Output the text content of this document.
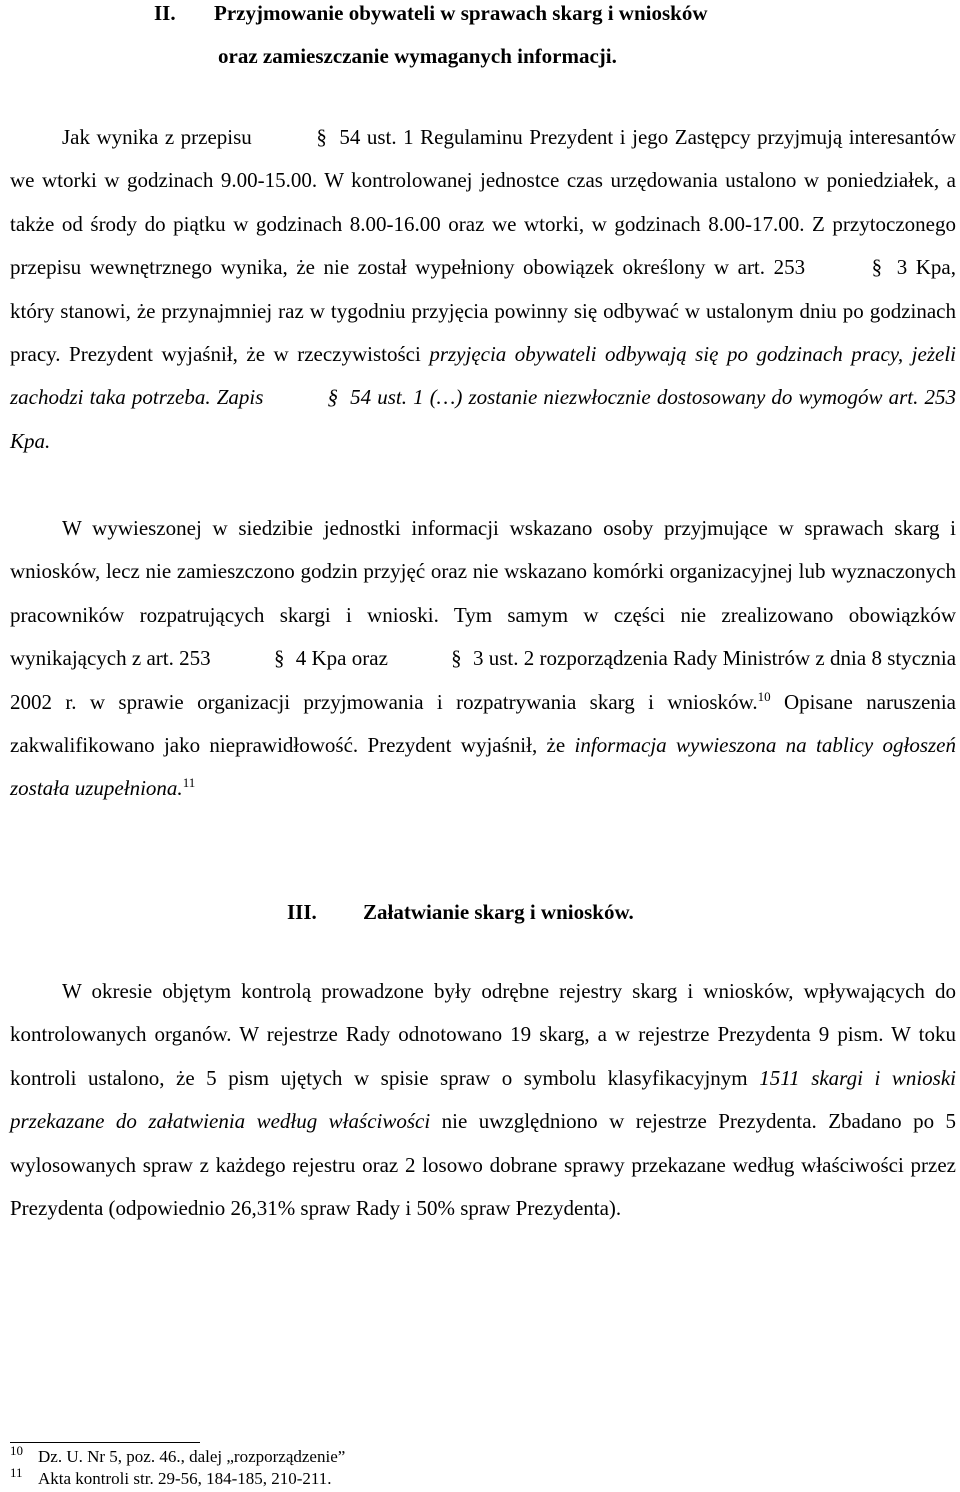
II. Przyjmowanie obywateli w sprawach skarg i wniosków
oraz zamieszczanie wymaganych informacji.
Jak wynika z przepisu	§ 54 ust. 1 Regulaminu Prezydent i jego Zastępcy przyjmują interesantów we wtorki w godzinach 9.00-15.00. W kontrolowanej jednostce czas urzędowania ustalono w poniedziałek, a także od środy do piątku w godzinach 8.00-16.00 oraz we wtorki, w godzinach 8.00-17.00. Z przytoczonego przepisu wewnętrznego wynika, że nie został wypełniony obowiązek określony w art. 253	§ 3 Kpa, który stanowi, że przynajmniej raz w tygodniu przyjęcia powinny się odbywać w ustalonym dniu po godzinach pracy. Prezydent wyjaśnił, że w rzeczywistości przyjęcia obywateli odbywają się po godzinach pracy, jeżeli zachodzi taka potrzeba. Zapis	§ 54 ust. 1 (…) zostanie niezwłocznie dostosowany do wymogów art. 253 Kpa.
W wywieszonej w siedzibie jednostki informacji wskazano osoby przyjmujące w sprawach skarg i wniosków, lecz nie zamieszczono godzin przyjęć oraz nie wskazano komórki organizacyjnej lub wyznaczonych pracowników rozpatrujących skargi i wnioski. Tym samym w części nie zrealizowano obowiązków wynikających z art. 253	§ 4 Kpa oraz	§ 3 ust. 2 rozporządzenia Rady Ministrów z dnia 8 stycznia 2002 r. w sprawie organizacji przyjmowania i rozpatrywania skarg i wniosków.$^{10}$ Opisane naruszenia zakwalifikowano jako nieprawidłowość. Prezydent wyjaśnił, że informacja wywieszona na tablicy ogłoszeń została uzupełniona.$^{11}$
III. Załatwianie skarg i wniosków.
W okresie objętym kontrolą prowadzone były odrębne rejestry skarg i wniosków, wpływających do kontrolowanych organów. W rejestrze Rady odnotowano 19 skarg, a w rejestrze Prezydenta 9 pism. W toku kontroli ustalono, że 5 pism ujętych w spisie spraw o symbolu klasyfikacyjnym 1511 skargi i wnioski przekazane do załatwienia według właściwości nie uwzględniono w rejestrze Prezydenta. Zbadano po 5 wylosowanych spraw z każdego rejestru oraz 2 losowo dobrane sprawy przekazane według właściwości przez Prezydenta (odpowiednio 26,31% spraw Rady i 50% spraw Prezydenta).
10 Dz. U. Nr 5, poz. 46., dalej „rozporządzenie”
11 Akta kontroli str. 29-56, 184-185, 210-211.
